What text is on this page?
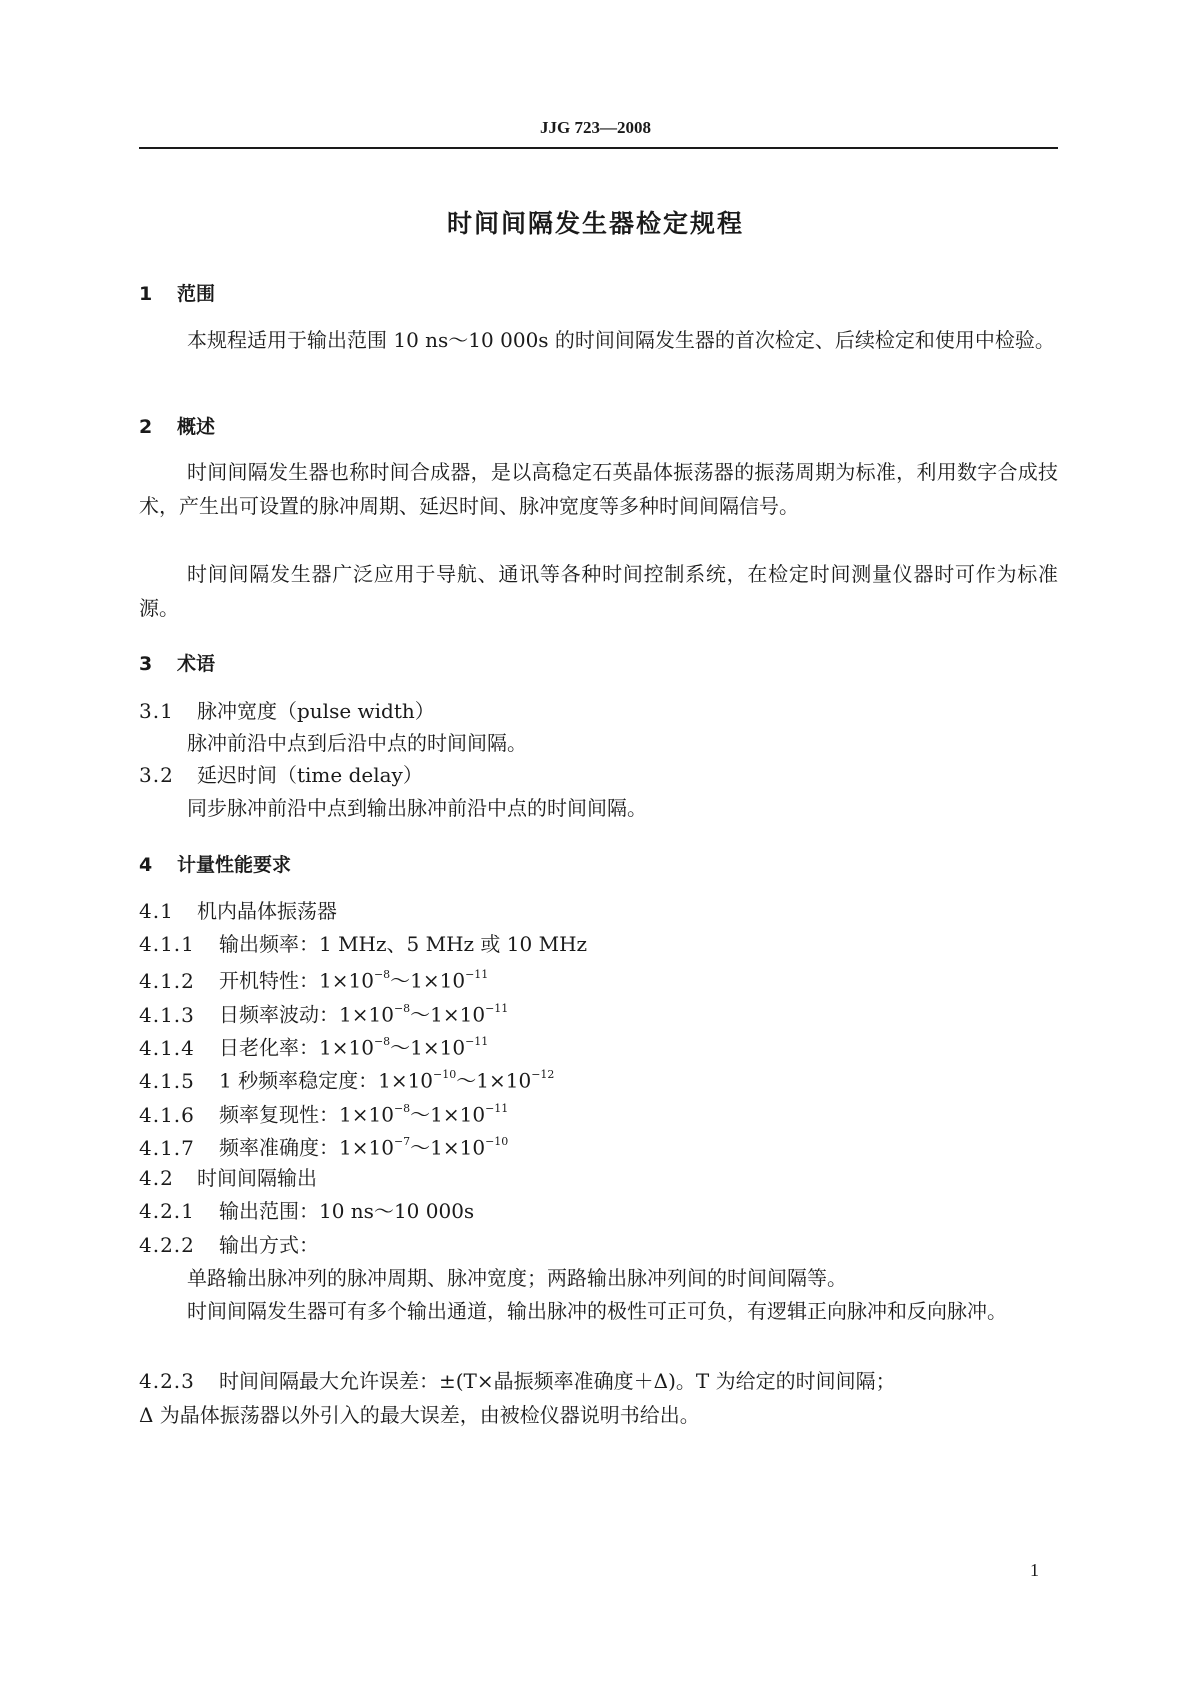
JJG 723—2008
时间间隔发生器检定规程
1 范围
本规程适用于输出范围 10 ns～10 000s 的时间间隔发生器的首次检定、后续检定和使用中检验。
2 概述
时间间隔发生器也称时间合成器，是以高稳定石英晶体振荡器的振荡周期为标准，利用数字合成技术，产生出可设置的脉冲周期、延迟时间、脉冲宽度等多种时间间隔信号。
时间间隔发生器广泛应用于导航、通讯等各种时间控制系统，在检定时间测量仪器时可作为标准源。
3 术语
3.1 脉冲宽度（pulse width）
脉冲前沿中点到后沿中点的时间间隔。
3.2 延迟时间（time delay）
同步脉冲前沿中点到输出脉冲前沿中点的时间间隔。
4 计量性能要求
4.1 机内晶体振荡器
4.1.1 输出频率：1 MHz、5 MHz 或 10 MHz
4.1.2 开机特性：$1\times 10^{-8}\sim 1\times 10^{-11}$
4.1.3 日频率波动：$1\times 10^{-8}\sim 1\times 10^{-11}$
4.1.4 日老化率：$1\times 10^{-8}\sim 1\times 10^{-11}$
4.1.5 1 秒频率稳定度：$1\times 10^{-10}\sim 1\times 10^{-12}$
4.1.6 频率复现性：$1\times 10^{-8}\sim 1\times 10^{-11}$
4.1.7 频率准确度：$1\times 10^{-7}\sim 1\times 10^{-10}$
4.2 时间间隔输出
4.2.1 输出范围：10 ns～10 000s
4.2.2 输出方式：
单路输出脉冲列的脉冲周期、脉冲宽度；两路输出脉冲列间的时间间隔等。
时间间隔发生器可有多个输出通道，输出脉冲的极性可正可负，有逻辑正向脉冲和反向脉冲。
4.2.3 时间间隔最大允许误差：±(T×晶振频率准确度＋Δ)。T 为给定的时间间隔；
Δ 为晶体振荡器以外引入的最大误差，由被检仪器说明书给出。
1
